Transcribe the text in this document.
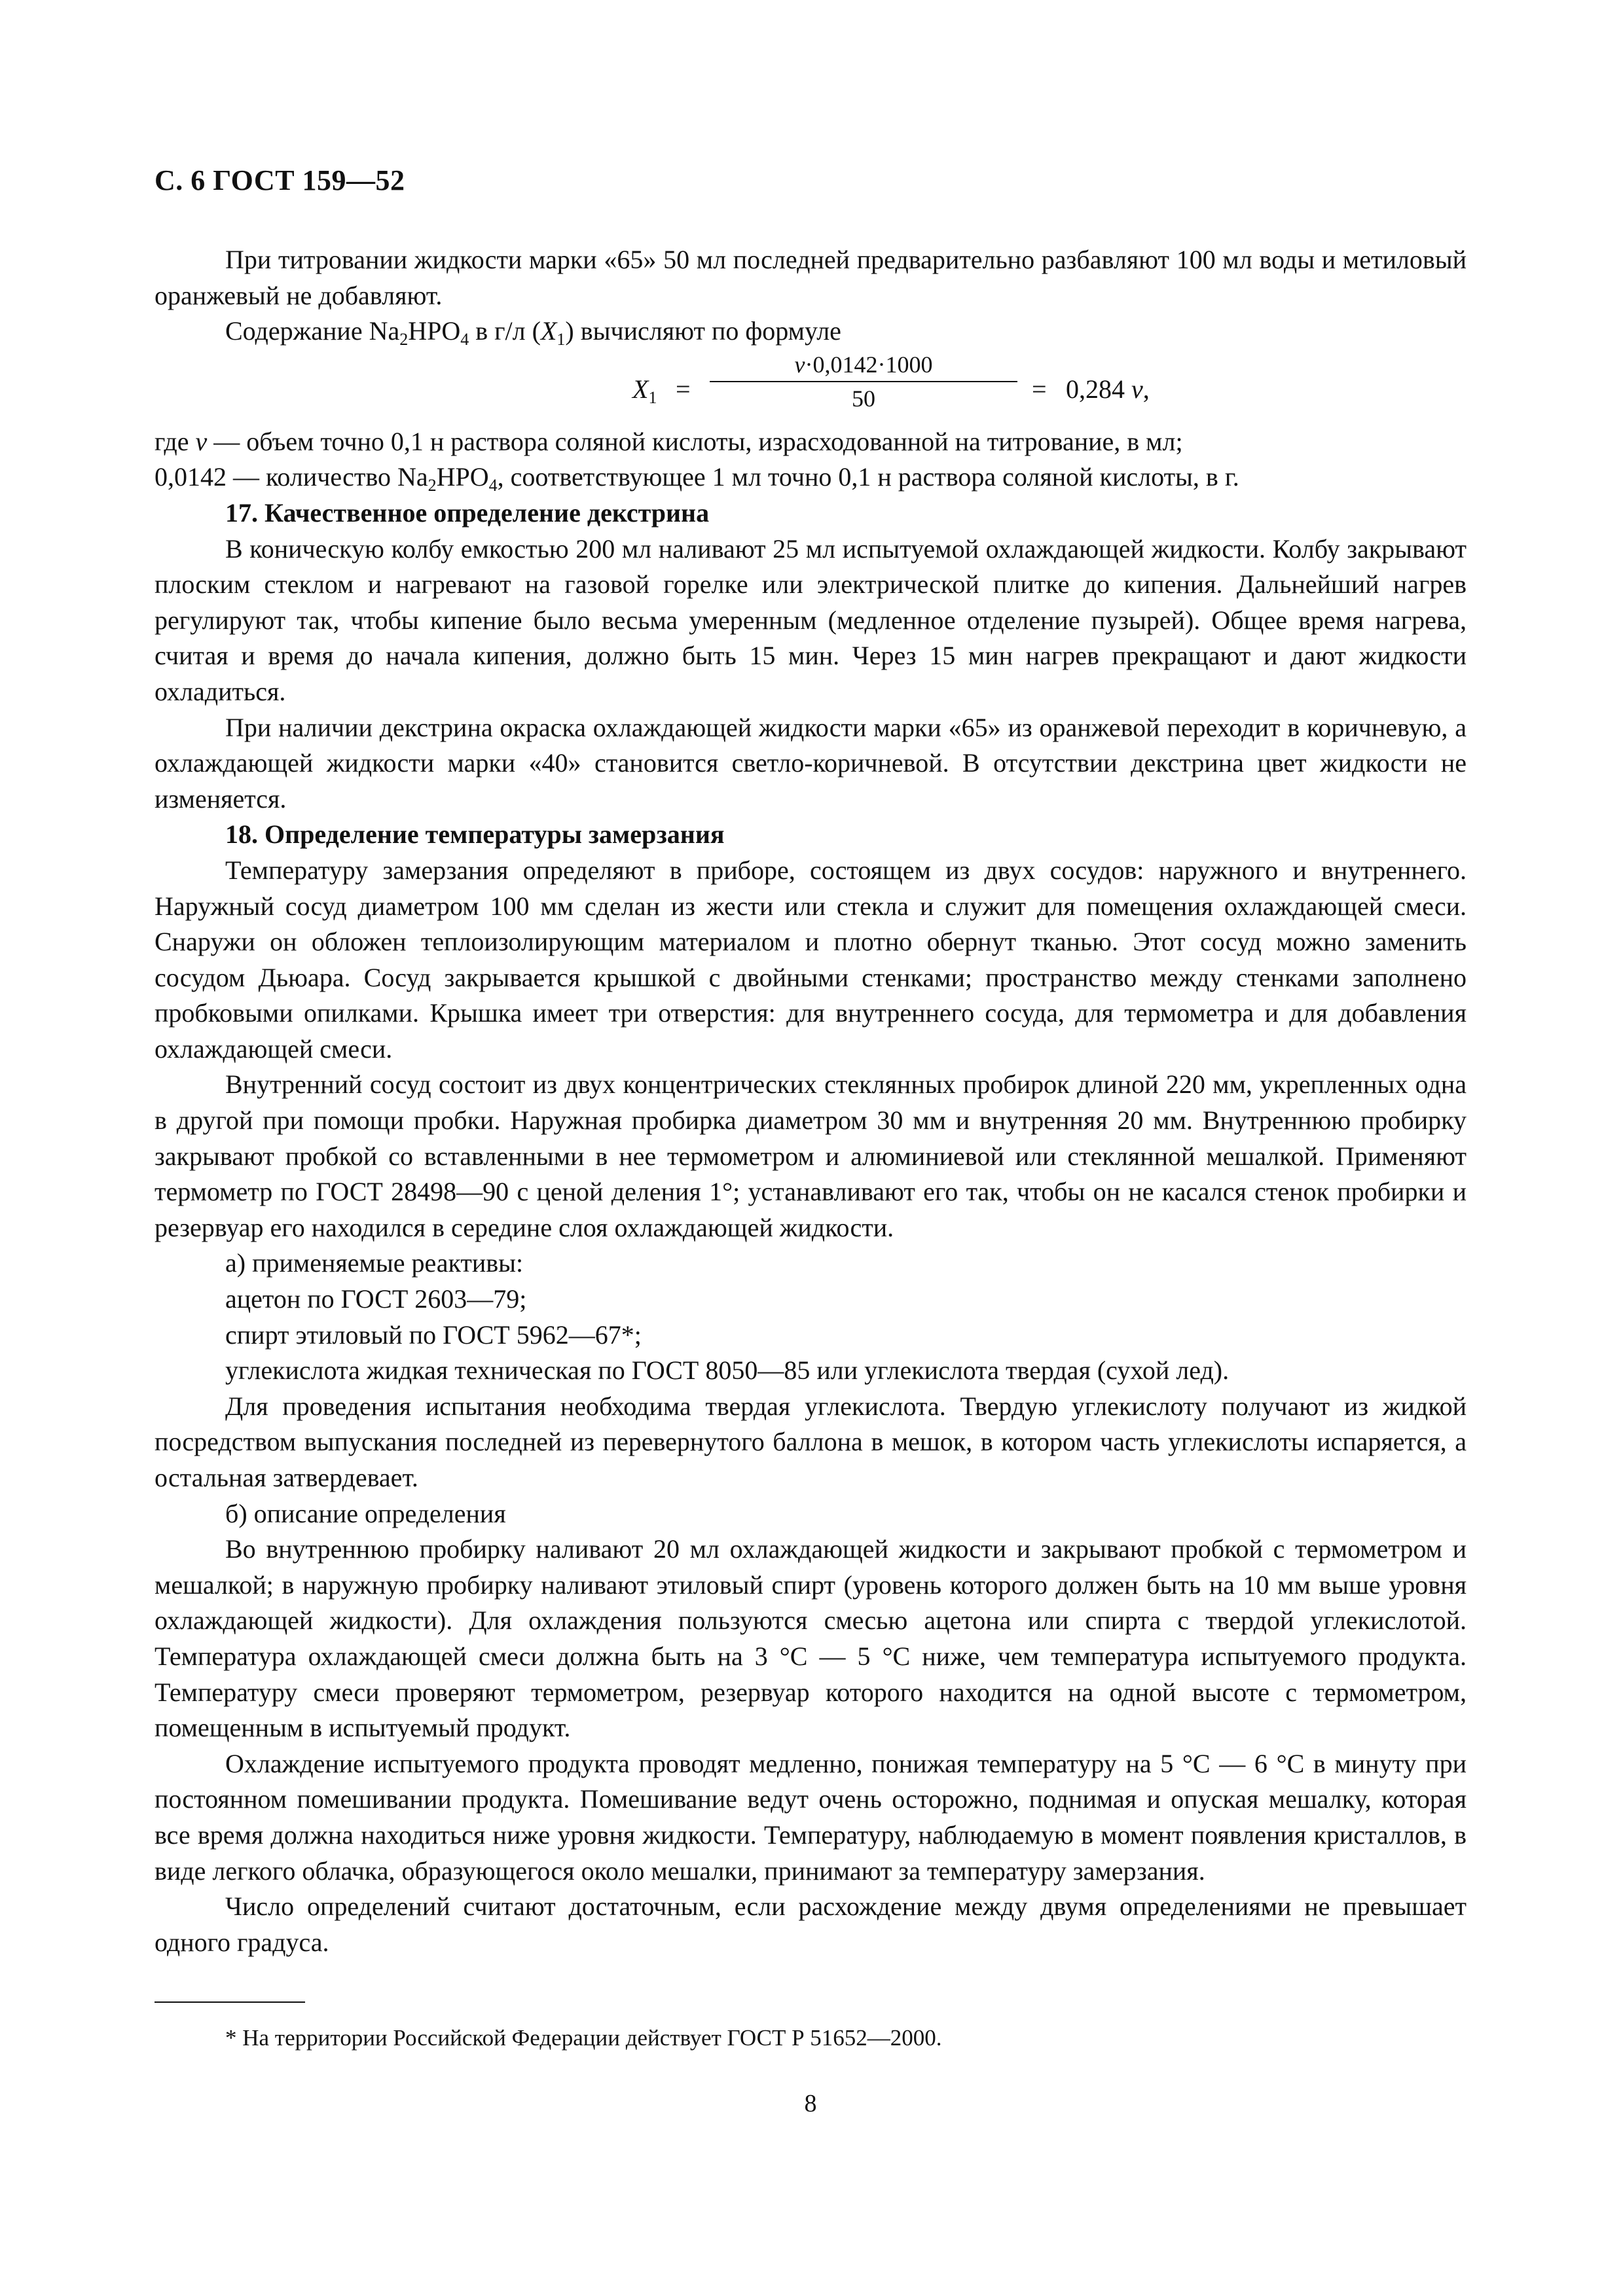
С. 6 ГОСТ 159—52

При титровании жидкости марки «65» 50 мл последней предварительно разбавляют 100 мл воды и метиловый оранжевый не добавляют.

Содержание $Na_2HPO_4$ в г/л $(X_1)$ вычисляют по формуле

$X_1 = \frac{v\cdot 0,0142\cdot 1000}{50} = 0,284$ v,

где v — объем точно 0,1 н раствора соляной кислоты, израсходованной на титрование, в мл;

0,0142 — количество $Na_2HPO_4$, соответствующее 1 мл точно 0,1 н раствора соляной кислоты, в г.

17. Качественное определение декстрина

В коническую колбу емкостью 200 мл наливают 25 мл испытуемой охлаждающей жидкости. Колбу закрывают плоским стеклом и нагревают на газовой горелке или электрической плитке до кипения. Дальнейший нагрев регулируют так, чтобы кипение было весьма умеренным (медленное отделение пузырей). Общее время нагрева, считая и время до начала кипения, должно быть 15 мин. Через 15 мин нагрев прекращают и дают жидкости охладиться.

При наличии декстрина окраска охлаждающей жидкости марки «65» из оранжевой переходит в коричневую, а охлаждающей жидкости марки «40» становится светло-коричневой. В отсутствии декстрина цвет жидкости не изменяется.

18. Определение температуры замерзания

Температуру замерзания определяют в приборе, состоящем из двух сосудов: наружного и внутреннего. Наружный сосуд диаметром 100 мм сделан из жести или стекла и служит для помещения охлаждающей смеси. Снаружи он обложен теплоизолирующим материалом и плотно обернут тканью. Этот сосуд можно заменить сосудом Дьюара. Сосуд закрывается крышкой с двойными стенками; пространство между стенками заполнено пробковыми опилками. Крышка имеет три отверстия: для внутреннего сосуда, для термометра и для добавления охлаждающей смеси.

Внутренний сосуд состоит из двух концентрических стеклянных пробирок длиной 220 мм, укрепленных одна в другой при помощи пробки. Наружная пробирка диаметром 30 мм и внутренняя 20 мм. Внутреннюю пробирку закрывают пробкой со вставленными в нее термометром и алюминиевой или стеклянной мешалкой. Применяют термометр по ГОСТ 28498—90 с ценой деления 1°; устанавливают его так, чтобы он не касался стенок пробирки и резервуар его находился в середине слоя охлаждающей жидкости.

а) применяемые реактивы:

ацетон по ГОСТ 2603—79;

спирт этиловый по ГОСТ 5962—67*;

углекислота жидкая техническая по ГОСТ 8050—85 или углекислота твердая (сухой лед).

Для проведения испытания необходима твердая углекислота. Твердую углекислоту получают из жидкой посредством выпускания последней из перевернутого баллона в мешок, в котором часть углекислоты испаряется, а остальная затвердевает.

б) описание определения

Во внутреннюю пробирку наливают 20 мл охлаждающей жидкости и закрывают пробкой с термометром и мешалкой; в наружную пробирку наливают этиловый спирт (уровень которого должен быть на 10 мм выше уровня охлаждающей жидкости). Для охлаждения пользуются смесью ацетона или спирта с твердой углекислотой. Температура охлаждающей смеси должна быть на 3 °С — 5 °С ниже, чем температура испытуемого продукта. Температуру смеси проверяют термометром, резервуар которого находится на одной высоте с термометром, помещенным в испытуемый продукт.

Охлаждение испытуемого продукта проводят медленно, понижая температуру на 5 °С — 6 °С в минуту при постоянном помешивании продукта. Помешивание ведут очень осторожно, поднимая и опуская мешалку, которая все время должна находиться ниже уровня жидкости. Температуру, наблюдаемую в момент появления кристаллов, в виде легкого облачка, образующегося около мешалки, принимают за температуру замерзания.

Число определений считают достаточным, если расхождение между двумя определениями не превышает одного градуса.

* На территории Российской Федерации действует ГОСТ Р 51652—2000.
8
